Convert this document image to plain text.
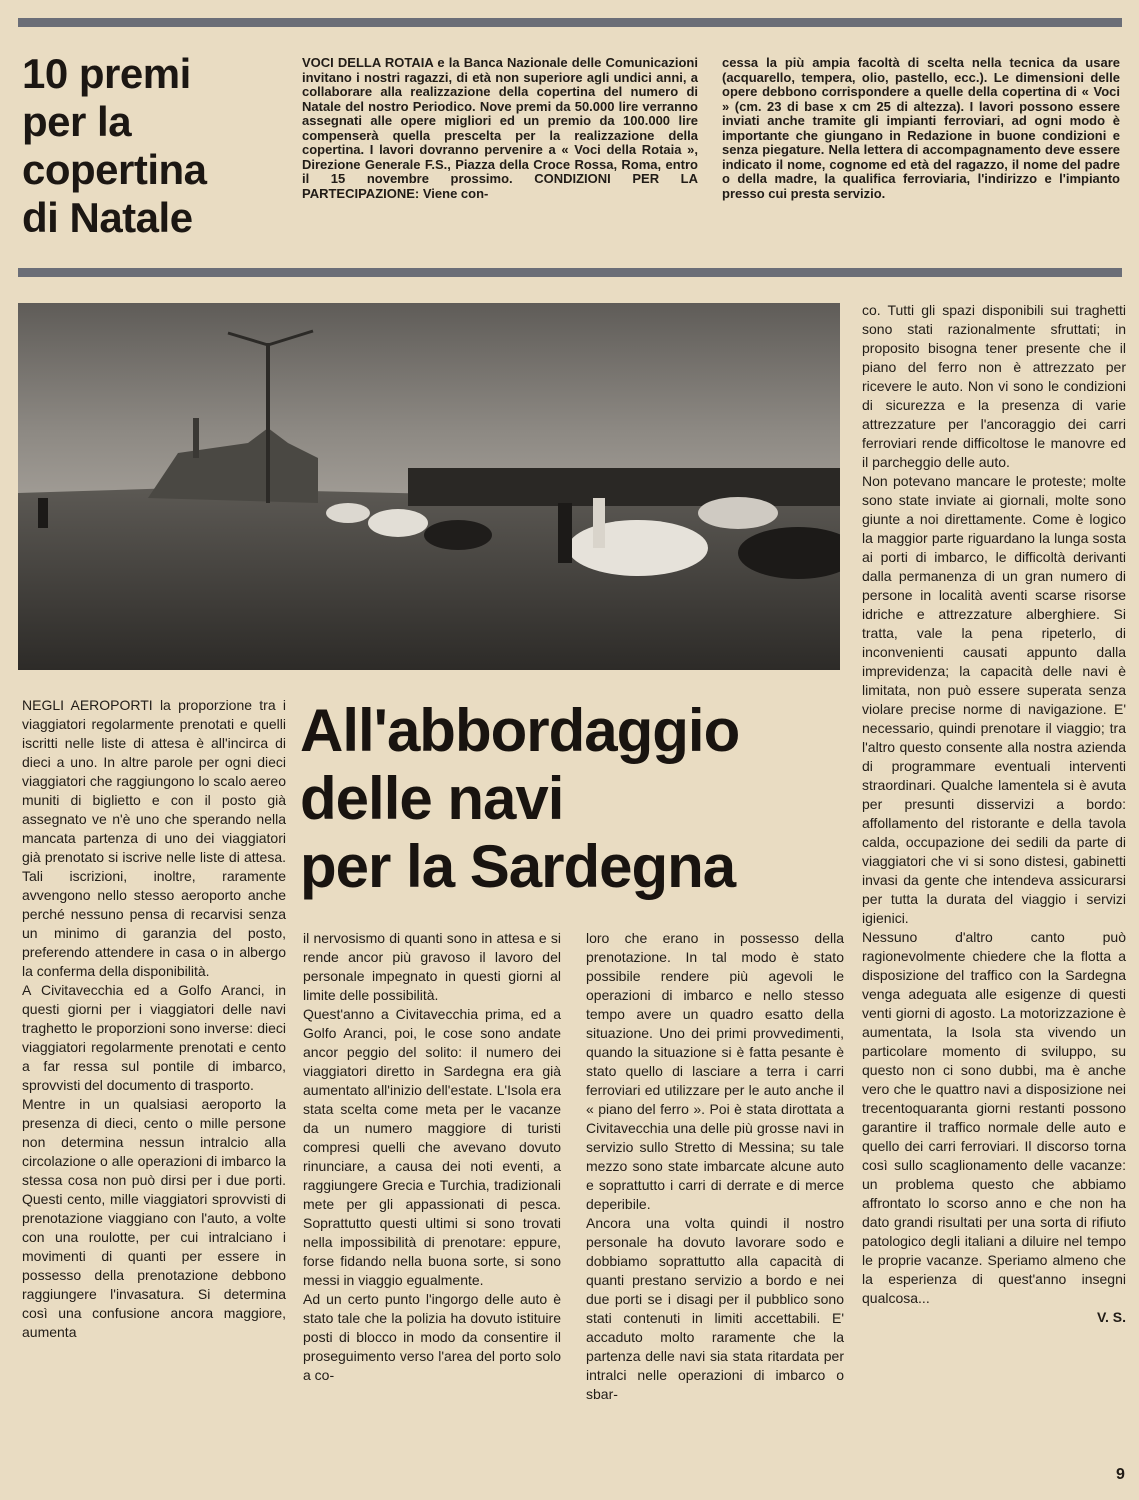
10 premi
per la
copertina
di Natale
VOCI DELLA ROTAIA e la Banca Nazionale delle Comunicazioni invitano i nostri ragazzi, di età non superiore agli undici anni, a collaborare alla realizzazione della copertina del numero di Natale del nostro Periodico. Nove premi da 50.000 lire verranno assegnati alle opere migliori ed un premio da 100.000 lire compenserà quella prescelta per la realizzazione della copertina. I lavori dovranno pervenire a « Voci della Rotaia », Direzione Generale F.S., Piazza della Croce Rossa, Roma, entro il 15 novembre prossimo. CONDIZIONI PER LA PARTECIPAZIONE: Viene con-
cessa la più ampia facoltà di scelta nella tecnica da usare (acquarello, tempera, olio, pastello, ecc.). Le dimensioni delle opere debbono corrispondere a quelle della copertina di « Voci » (cm. 23 di base x cm 25 di altezza). I lavori possono essere inviati anche tramite gli impianti ferroviari, ad ogni modo è importante che giungano in Redazione in buone condizioni e senza piegature. Nella lettera di accompagnamento deve essere indicato il nome, cognome ed età del ragazzo, il nome del padre o della madre, la qualifica ferroviaria, l'indirizzo e l'impianto presso cui presta servizio.
All'abbordaggio
delle navi
per la Sardegna

NEGLI AEROPORTI la proporzione tra i viaggiatori regolarmente prenotati e quelli iscritti nelle liste di attesa è all'incirca di dieci a uno. In altre parole per ogni dieci viaggiatori che raggiungono lo scalo aereo muniti di biglietto e con il posto già assegnato ve n'è uno che sperando nella mancata partenza di uno dei viaggiatori già prenotato si iscrive nelle liste di attesa. Tali iscrizioni, inoltre, raramente avvengono nello stesso aeroporto anche perché nessuno pensa di recarvisi senza un minimo di garanzia del posto, preferendo attendere in casa o in albergo la conferma della disponibilità.

A Civitavecchia ed a Golfo Aranci, in questi giorni per i viaggiatori delle navi traghetto le proporzioni sono inverse: dieci viaggiatori regolarmente prenotati e cento a far ressa sul pontile di imbarco, sprovvisti del documento di trasporto.

Mentre in un qualsiasi aeroporto la presenza di dieci, cento o mille persone non determina nessun intralcio alla circolazione o alle operazioni di imbarco la stessa cosa non può dirsi per i due porti. Questi cento, mille viaggiatori sprovvisti di prenotazione viaggiano con l'auto, a volte con una roulotte, per cui intralciano i movimenti di quanti per essere in possesso della prenotazione debbono raggiungere l'invasatura. Si determina così una confusione ancora maggiore, aumenta

il nervosismo di quanti sono in attesa e si rende ancor più gravoso il lavoro del personale impegnato in questi giorni al limite delle possibilità.

Quest'anno a Civitavecchia prima, ed a Golfo Aranci, poi, le cose sono andate ancor peggio del solito: il numero dei viaggiatori diretto in Sardegna era già aumentato all'inizio dell'estate. L'Isola era stata scelta come meta per le vacanze da un numero maggiore di turisti compresi quelli che avevano dovuto rinunciare, a causa dei noti eventi, a raggiungere Grecia e Turchia, tradizionali mete per gli appassionati di pesca. Soprattutto questi ultimi si sono trovati nella impossibilità di prenotare: eppure, forse fidando nella buona sorte, si sono messi in viaggio egualmente.

Ad un certo punto l'ingorgo delle auto è stato tale che la polizia ha dovuto istituire posti di blocco in modo da consentire il proseguimento verso l'area del porto solo a co-

loro che erano in possesso della prenotazione. In tal modo è stato possibile rendere più agevoli le operazioni di imbarco e nello stesso tempo avere un quadro esatto della situazione. Uno dei primi provvedimenti, quando la situazione si è fatta pesante è stato quello di lasciare a terra i carri ferroviari ed utilizzare per le auto anche il « piano del ferro ». Poi è stata dirottata a Civitavecchia una delle più grosse navi in servizio sullo Stretto di Messina; su tale mezzo sono state imbarcate alcune auto e soprattutto i carri di derrate e di merce deperibile.

Ancora una volta quindi il nostro personale ha dovuto lavorare sodo e dobbiamo soprattutto alla capacità di quanti prestano servizio a bordo e nei due porti se i disagi per il pubblico sono stati contenuti in limiti accettabili. E' accaduto molto raramente che la partenza delle navi sia stata ritardata per intralci nelle operazioni di imbarco o sbar-

co. Tutti gli spazi disponibili sui traghetti sono stati razionalmente sfruttati; in proposito bisogna tener presente che il piano del ferro non è attrezzato per ricevere le auto. Non vi sono le condizioni di sicurezza e la presenza di varie attrezzature per l'ancoraggio dei carri ferroviari rende difficoltose le manovre ed il parcheggio delle auto.

Non potevano mancare le proteste; molte sono state inviate ai giornali, molte sono giunte a noi direttamente. Come è logico la maggior parte riguardano la lunga sosta ai porti di imbarco, le difficoltà derivanti dalla permanenza di un gran numero di persone in località aventi scarse risorse idriche e attrezzature alberghiere. Si tratta, vale la pena ripeterlo, di inconvenienti causati appunto dalla imprevidenza; la capacità delle navi è limitata, non può essere superata senza violare precise norme di navigazione. E' necessario, quindi prenotare il viaggio; tra l'altro questo consente alla nostra azienda di programmare eventuali interventi straordinari. Qualche lamentela si è avuta per presunti disservizi a bordo: affollamento del ristorante e della tavola calda, occupazione dei sedili da parte di viaggiatori che vi si sono distesi, gabinetti invasi da gente che intendeva assicurarsi per tutta la durata del viaggio i servizi igienici.

Nessuno d'altro canto può ragionevolmente chiedere che la flotta a disposizione del traffico con la Sardegna venga adeguata alle esigenze di questi venti giorni di agosto. La motorizzazione è aumentata, la Isola sta vivendo un particolare momento di sviluppo, su questo non ci sono dubbi, ma è anche vero che le quattro navi a disposizione nei trecentoquaranta giorni restanti possono garantire il traffico normale delle auto e quello dei carri ferroviari. Il discorso torna così sullo scaglionamento delle vacanze: un problema questo che abbiamo affrontato lo scorso anno e che non ha dato grandi risultati per una sorta di rifiuto patologico degli italiani a diluire nel tempo le proprie vacanze. Speriamo almeno che la esperienza di quest'anno insegni qualcosa...

V. S.

9
